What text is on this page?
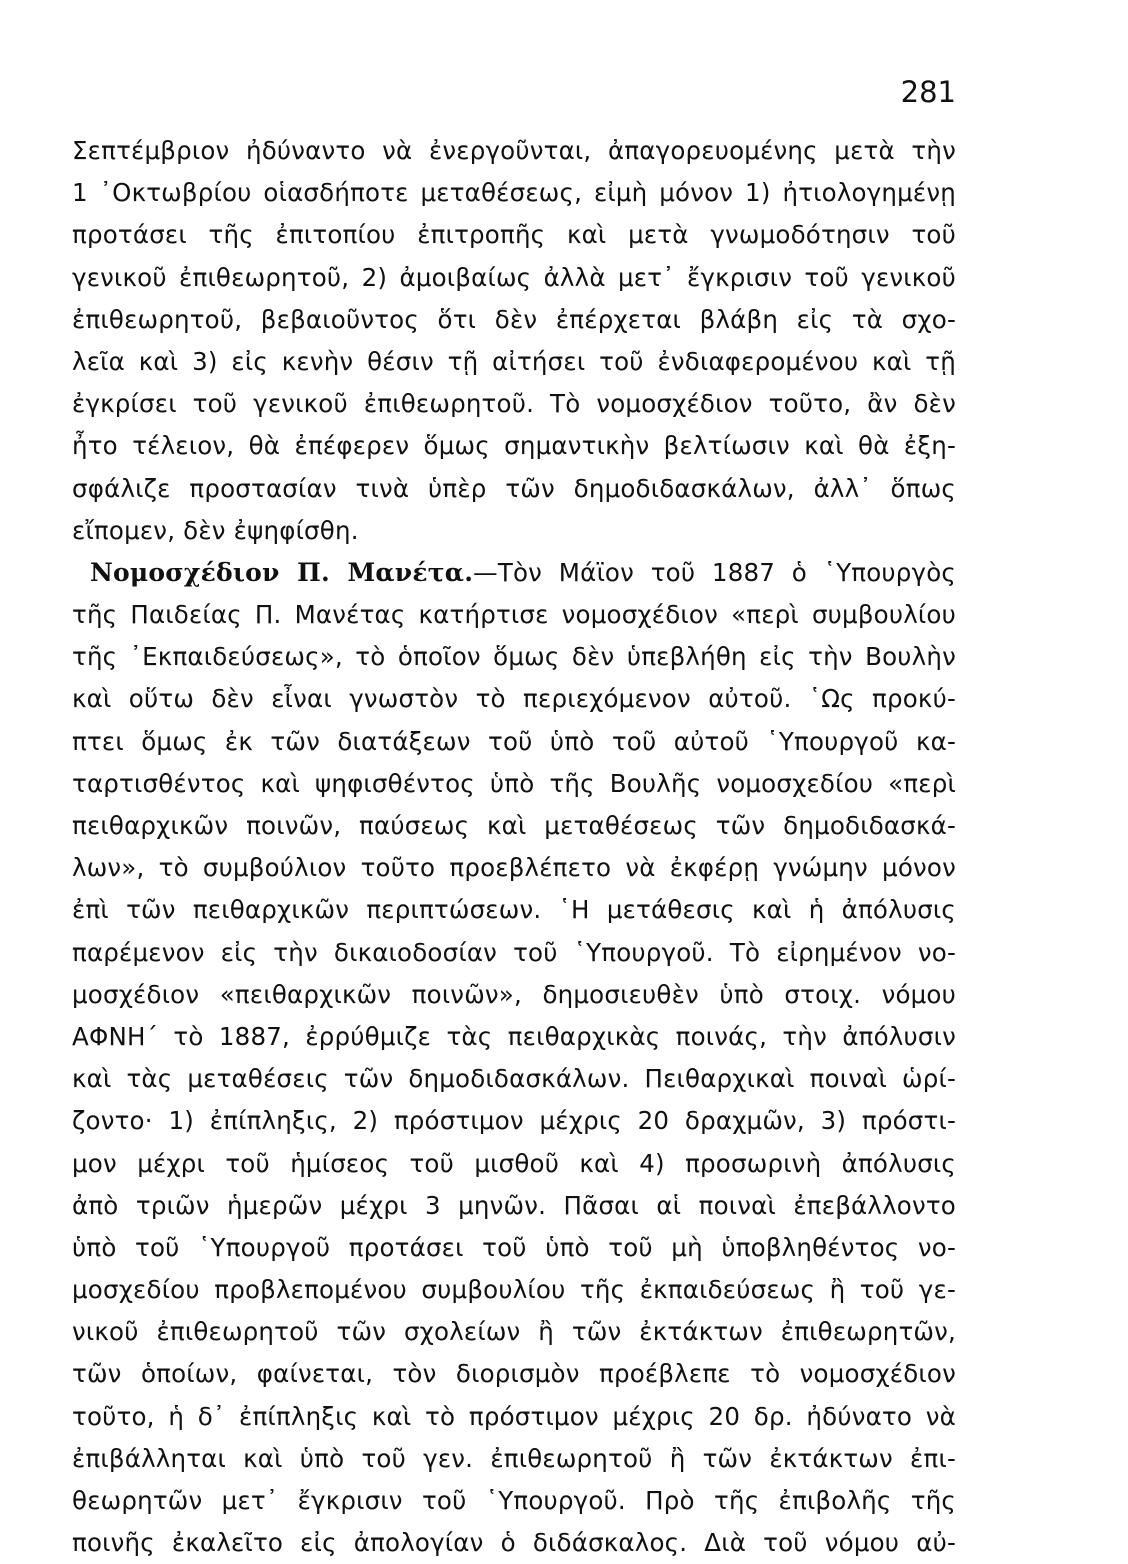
281
Σεπτέμβριον ἠδύναντο νὰ ἐνεργοῦνται, ἀπαγορευομένης μετὰ τὴν
1 ᾿Οκτωβρίου οἱασδήποτε μεταθέσεως, εἰμὴ μόνον 1) ἠτιολογημένῃ
προτάσει τῆς ἐπιτοπίου ἐπιτροπῆς καὶ μετὰ γνωμοδότησιν τοῦ
γενικοῦ ἐπιθεωρητοῦ, 2) ἀμοιβαίως ἀλλὰ μετ᾽ ἔγκρισιν τοῦ γενικοῦ
ἐπιθεωρητοῦ, βεβαιοῦντος ὅτι δὲν ἐπέρχεται βλάβη εἰς τὰ σχο-
λεῖα καὶ 3) εἰς κενὴν θέσιν τῇ αἰτήσει τοῦ ἐνδιαφερομένου καὶ τῇ
ἐγκρίσει τοῦ γενικοῦ ἐπιθεωρητοῦ. Τὸ νομοσχέδιον τοῦτο, ἂν δὲν
ἦτο τέλειον, θὰ ἐπέφερεν ὅμως σημαντικὴν βελτίωσιν καὶ θὰ ἐξη-
σφάλιζε προστασίαν τινὰ ὑπὲρ τῶν δημοδιδασκάλων, ἀλλ᾽ ὅπως
εἴπομεν, δὲν ἐψηφίσθη.
Νομοσχέδιον Π. Μανέτα.—Τὸν Μάϊον τοῦ 1887 ὁ ῾Υπουργὸς
τῆς Παιδείας Π. Μανέτας κατήρτισε νομοσχέδιον «περὶ συμβουλίου
τῆς ᾿Εκπαιδεύσεως», τὸ ὁποῖον ὅμως δὲν ὑπεβλήθη εἰς τὴν Βουλὴν
καὶ οὕτω δὲν εἶναι γνωστὸν τὸ περιεχόμενον αὐτοῦ. ῾Ως προκύ-
πτει ὅμως ἐκ τῶν διατάξεων τοῦ ὑπὸ τοῦ αὐτοῦ ῾Υπουργοῦ κα-
ταρτισθέντος καὶ ψηφισθέντος ὑπὸ τῆς Βουλῆς νομοσχεδίου «περὶ
πειθαρχικῶν ποινῶν, παύσεως καὶ μεταθέσεως τῶν δημοδιδασκά-
λων», τὸ συμβούλιον τοῦτο προεβλέπετο νὰ ἐκφέρῃ γνώμην μόνον
ἐπὶ τῶν πειθαρχικῶν περιπτώσεων. ῾Η μετάθεσις καὶ ἡ ἀπόλυσις
παρέμενον εἰς τὴν δικαιοδοσίαν τοῦ ῾Υπουργοῦ. Τὸ εἰρημένον νο-
μοσχέδιον «πειθαρχικῶν ποινῶν», δημοσιευθὲν ὑπὸ στοιχ. νόμου
ΑΦΝΗ΄ τὸ 1887, ἐρρύθμιζε τὰς πειθαρχικὰς ποινάς, τὴν ἀπόλυσιν
καὶ τὰς μεταθέσεις τῶν δημοδιδασκάλων. Πειθαρχικαὶ ποιναὶ ὡρί-
ζοντο· 1) ἐπίπληξις, 2) πρόστιμον μέχρις 20 δραχμῶν, 3) πρόστι-
μον μέχρι τοῦ ἡμίσεος τοῦ μισθοῦ καὶ 4) προσωρινὴ ἀπόλυσις
ἀπὸ τριῶν ἡμερῶν μέχρι 3 μηνῶν. Πᾶσαι αἱ ποιναὶ ἐπεβάλλοντο
ὑπὸ τοῦ ῾Υπουργοῦ προτάσει τοῦ ὑπὸ τοῦ μὴ ὑποβληθέντος νο-
μοσχεδίου προβλεπομένου συμβουλίου τῆς ἐκπαιδεύσεως ἢ τοῦ γε-
νικοῦ ἐπιθεωρητοῦ τῶν σχολείων ἢ τῶν ἐκτάκτων ἐπιθεωρητῶν,
τῶν ὁποίων, φαίνεται, τὸν διορισμὸν προέβλεπε τὸ νομοσχέδιον
τοῦτο, ἡ δ᾽ ἐπίπληξις καὶ τὸ πρόστιμον μέχρις 20 δρ. ἠδύνατο νὰ
ἐπιβάλληται καὶ ὑπὸ τοῦ γεν. ἐπιθεωρητοῦ ἢ τῶν ἐκτάκτων ἐπι-
θεωρητῶν μετ᾽ ἔγκρισιν τοῦ ῾Υπουργοῦ. Πρὸ τῆς ἐπιβολῆς τῆς
ποινῆς ἐκαλεῖτο εἰς ἀπολογίαν ὁ διδάσκαλος. Διὰ τοῦ νόμου αὐ-
